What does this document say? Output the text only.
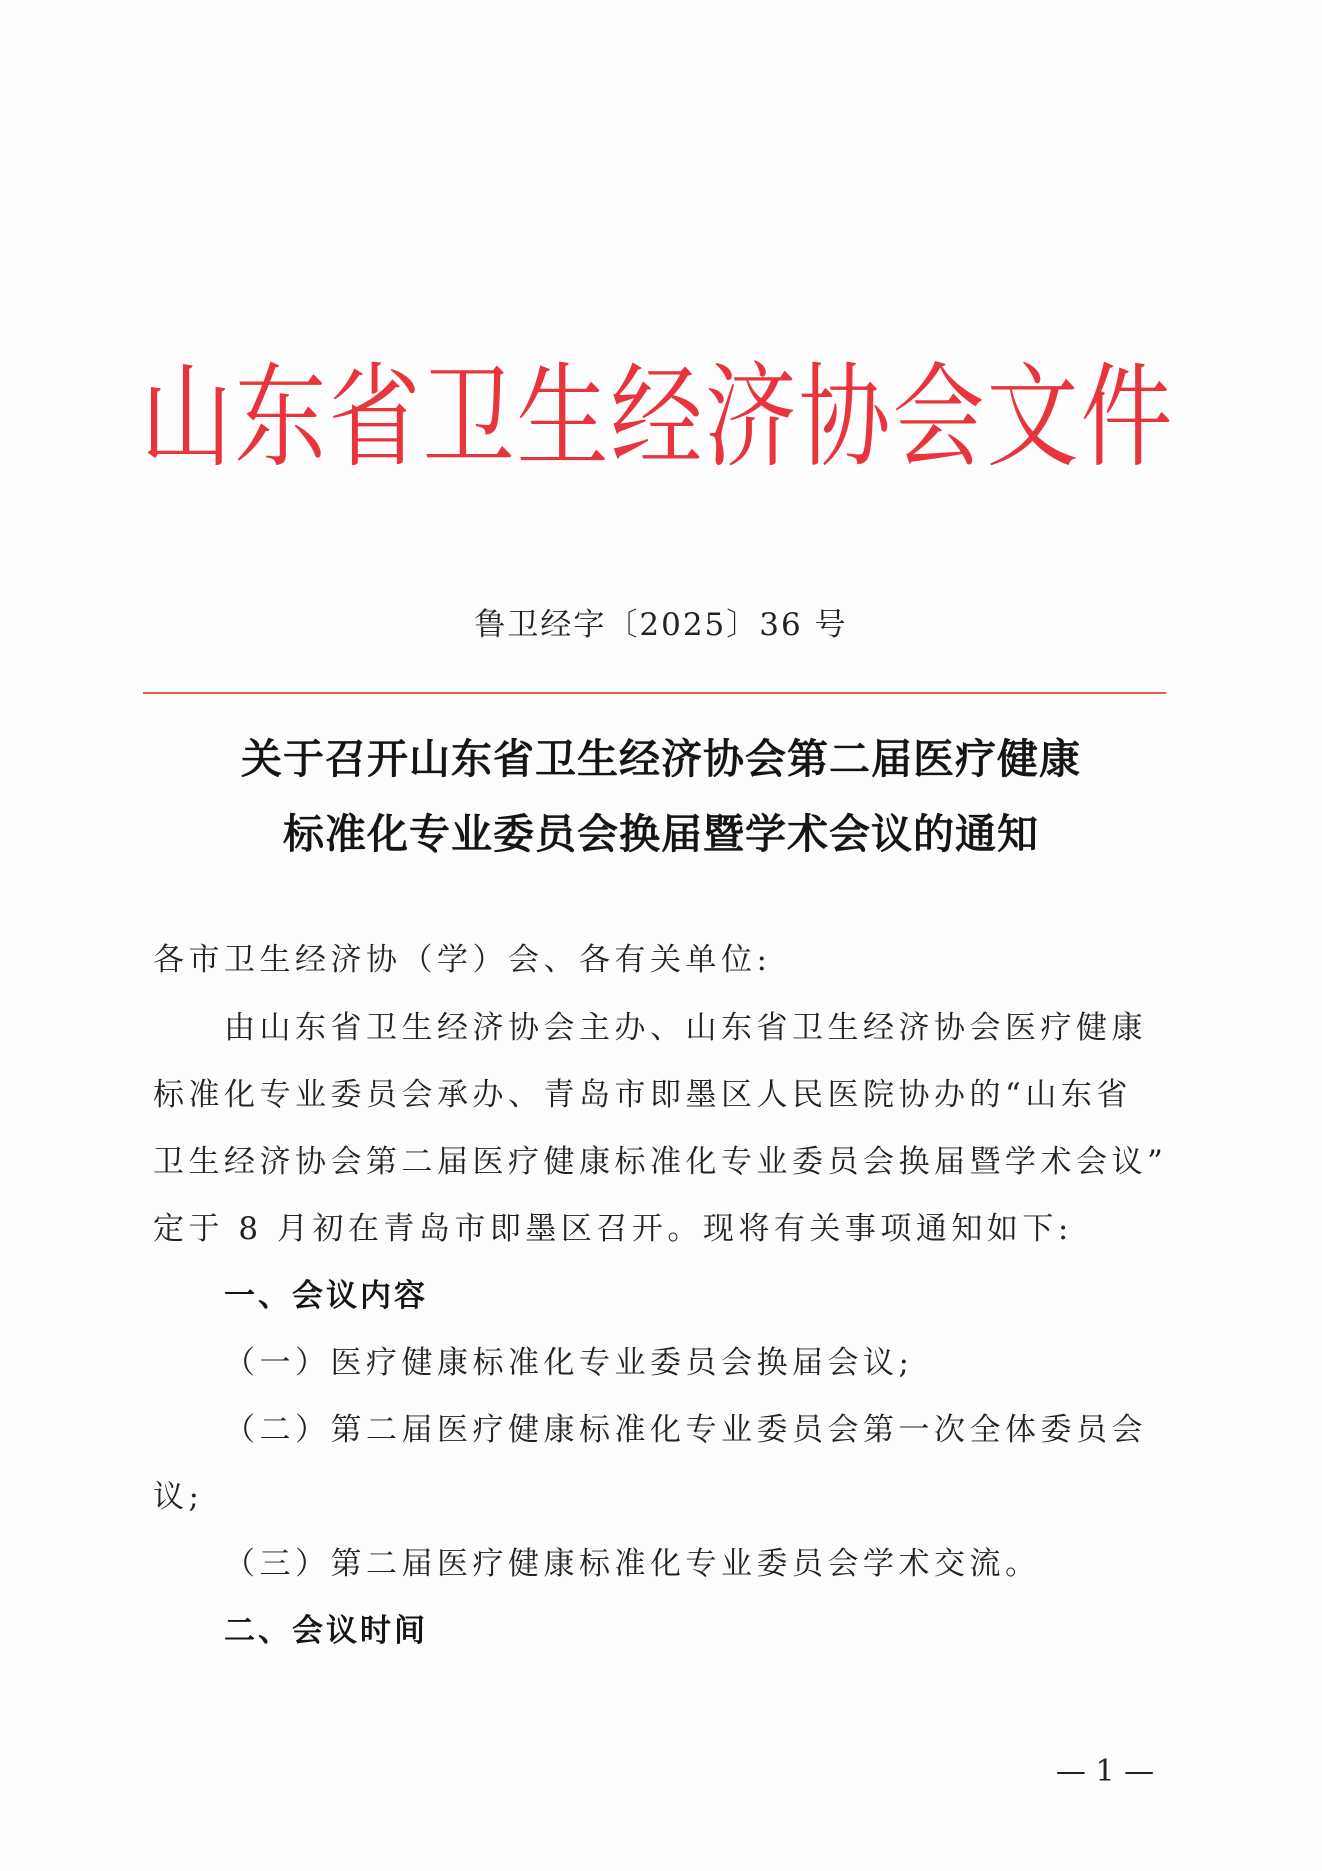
山东省卫生经济协会文件
鲁卫经字〔2025〕36 号
关于召开山东省卫生经济协会第二届医疗健康
标准化专业委员会换届暨学术会议的通知
各市卫生经济协（学）会、各有关单位:
由山东省卫生经济协会主办、山东省卫生经济协会医疗健康
标准化专业委员会承办、青岛市即墨区人民医院协办的“山东省
卫生经济协会第二届医疗健康标准化专业委员会换届暨学术会议”
定于 8 月初在青岛市即墨区召开。现将有关事项通知如下:
一、会议内容
（一）医疗健康标准化专业委员会换届会议;
（二）第二届医疗健康标准化专业委员会第一次全体委员会
议;
（三）第二届医疗健康标准化专业委员会学术交流。
二、会议时间
— 1 —
